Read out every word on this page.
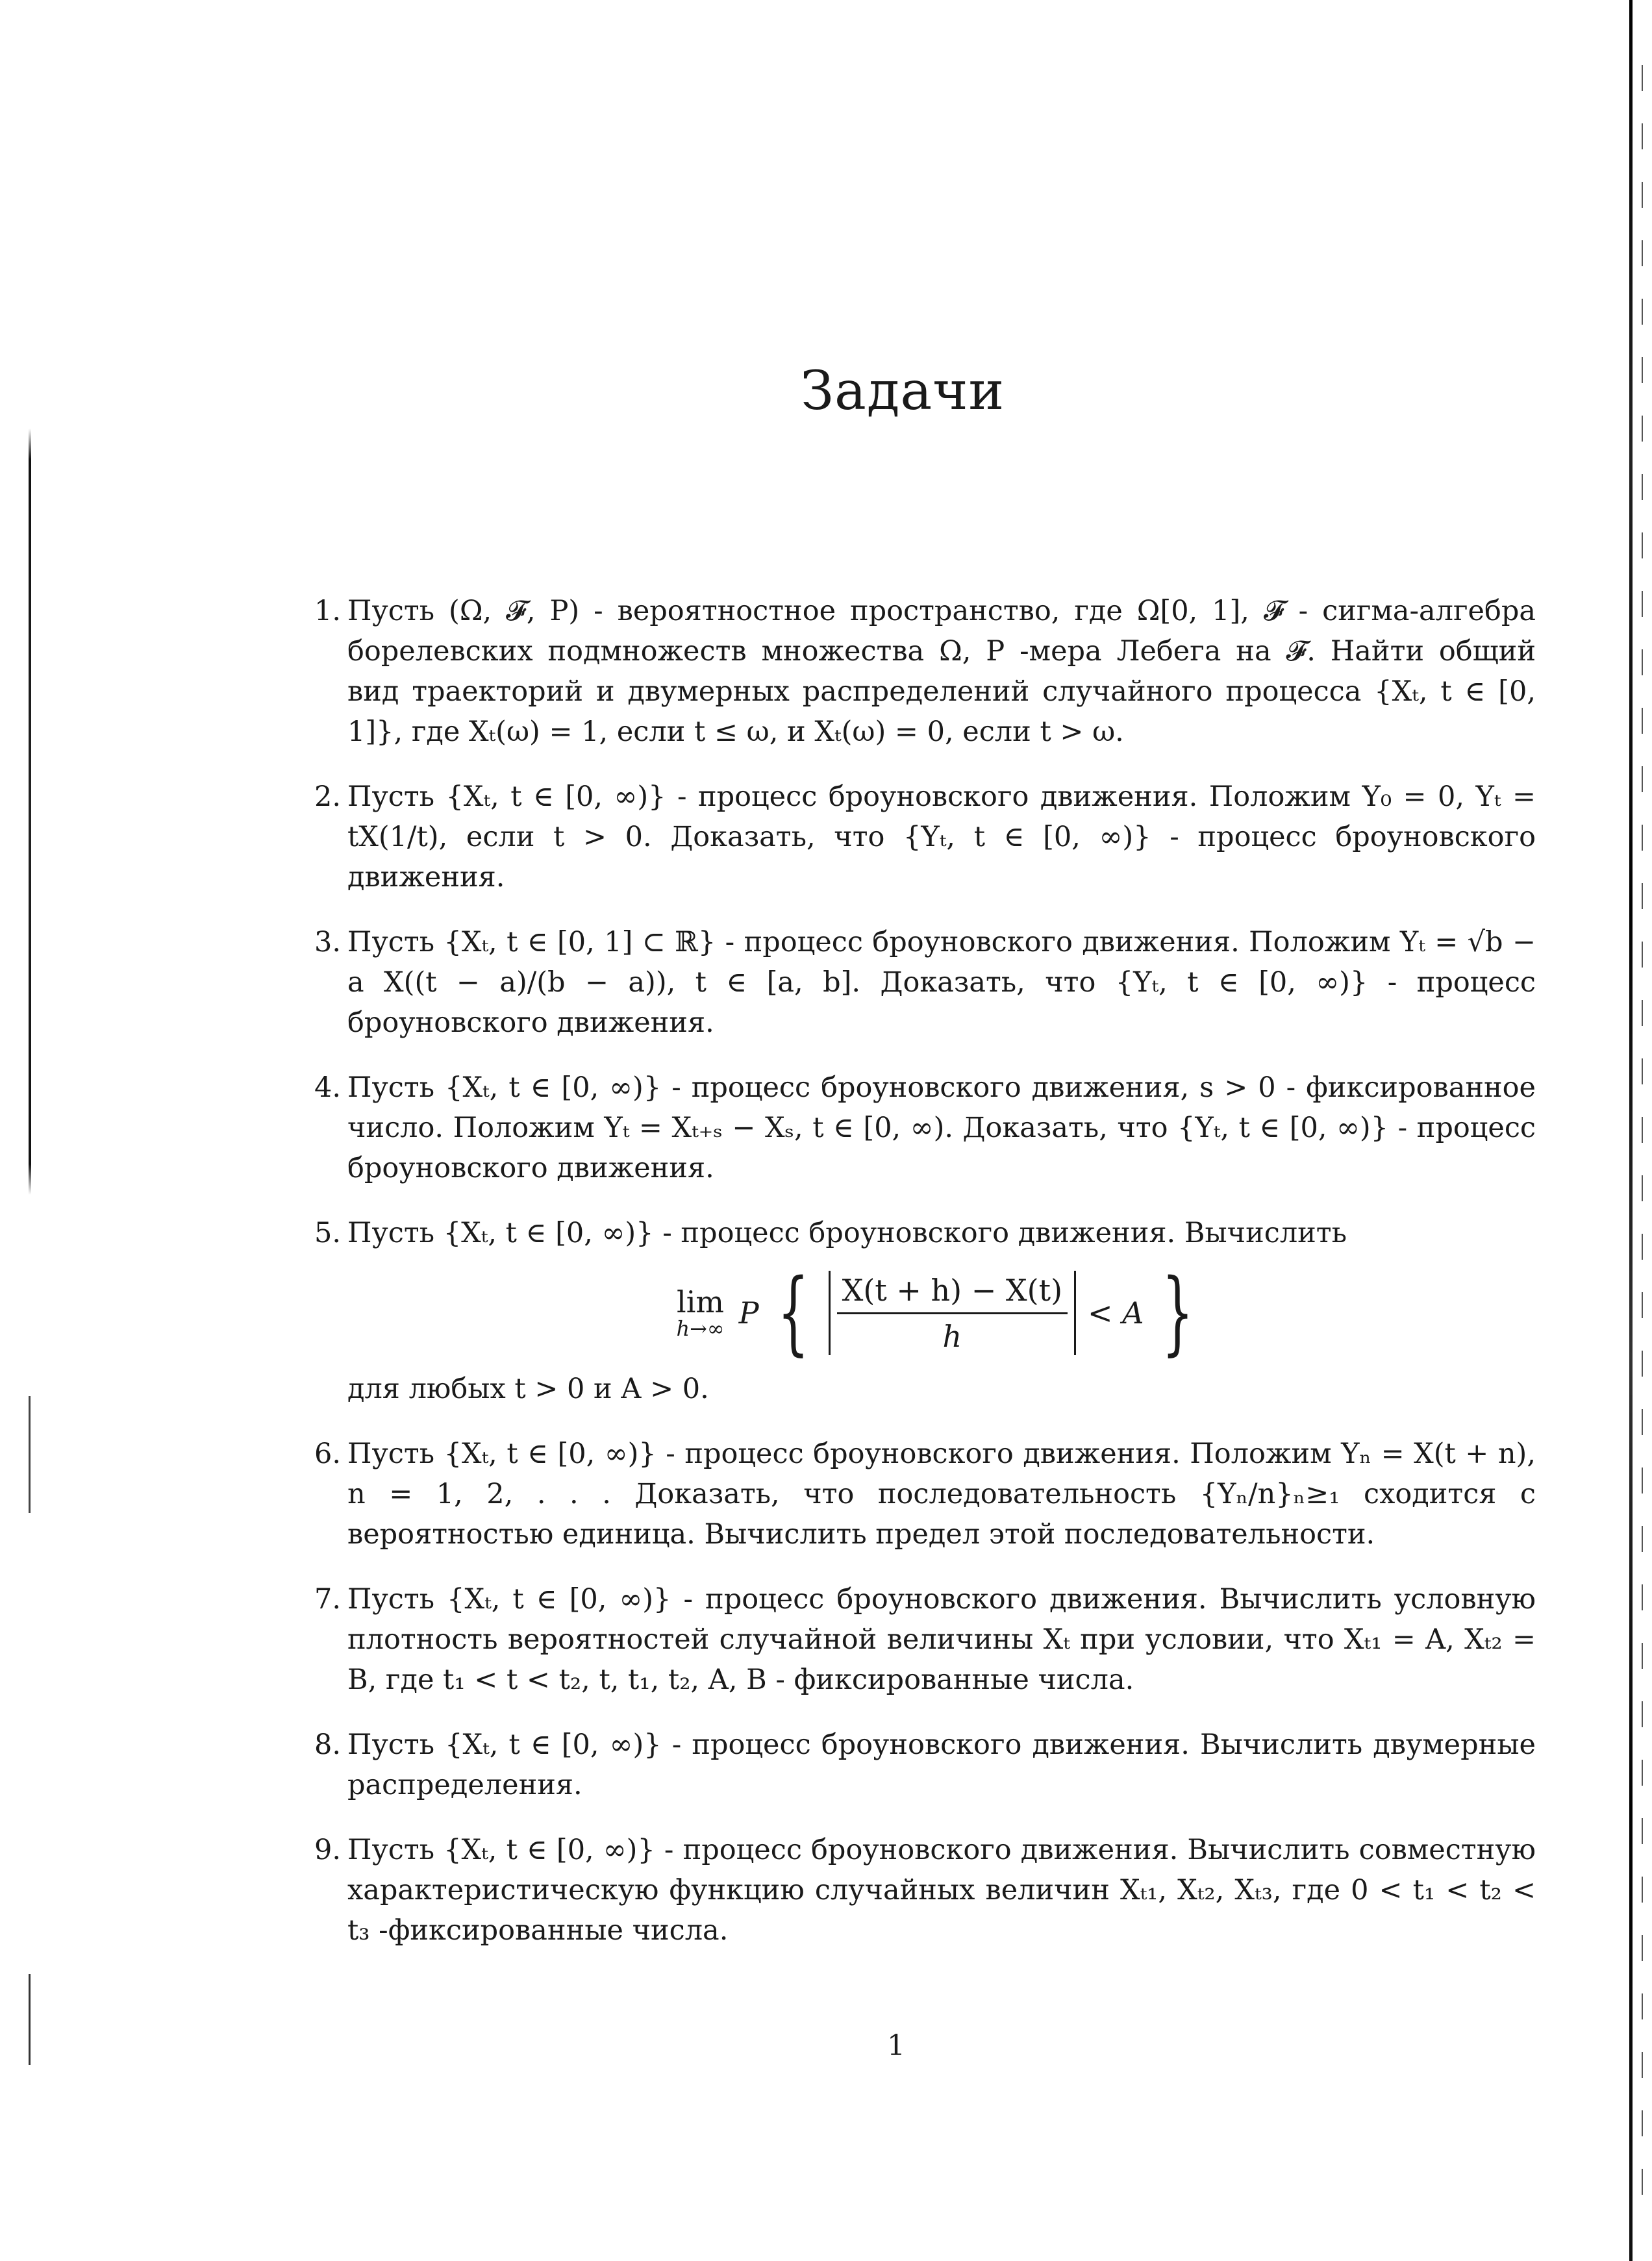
Задачи
1. Пусть (Ω, 𝓕, P) - вероятностное пространство, где Ω[0, 1], 𝓕 - сигма-алгебра борелевских подмножеств множества Ω, P -мера Лебега на 𝓕. Найти общий вид траекторий и двумерных распределений случайного процесса {Xₜ, t ∈ [0, 1]}, где Xₜ(ω) = 1, если t ≤ ω, и Xₜ(ω) = 0, если t > ω.
2. Пусть {Xₜ, t ∈ [0, ∞)} - процесс броуновского движения. Положим Y₀ = 0, Yₜ = tX(1/t), если t > 0. Доказать, что {Yₜ, t ∈ [0, ∞)} - процесс броуновского движения.
3. Пусть {Xₜ, t ∈ [0, 1] ⊂ ℝ} - процесс броуновского движения. Положим Yₜ = √b − a X((t − a)/(b − a)), t ∈ [a, b]. Доказать, что {Yₜ, t ∈ [0, ∞)} - процесс броуновского движения.
4. Пусть {Xₜ, t ∈ [0, ∞)} - процесс броуновского движения, s > 0 - фиксированное число. Положим Yₜ = Xₜ₊ₛ − Xₛ, t ∈ [0, ∞). Доказать, что {Yₜ, t ∈ [0, ∞)} - процесс броуновского движения.
5. Пусть {Xₜ, t ∈ [0, ∞)} - процесс броуновского движения. Вычислить
lim
h→∞ P { $\frac{X(t + h) - X(t)}{h} < A$ }
для любых t > 0 и A > 0.
6. Пусть {Xₜ, t ∈ [0, ∞)} - процесс броуновского движения. Положим Yₙ = X(t + n), n = 1, 2, . . . Доказать, что последовательность {Yₙ/n}ₙ≥₁ сходится с вероятностью единица. Вычислить предел этой последовательности.
7. Пусть {Xₜ, t ∈ [0, ∞)} - процесс броуновского движения. Вычислить условную плотность вероятностей случайной величины Xₜ при условии, что Xₜ₁ = A, Xₜ₂ = B, где t₁ < t < t₂, t, t₁, t₂, A, B - фиксированные числа.
8. Пусть {Xₜ, t ∈ [0, ∞)} - процесс броуновского движения. Вычислить двумерные распределения.
9. Пусть {Xₜ, t ∈ [0, ∞)} - процесс броуновского движения. Вычислить совместную характеристическую функцию случайных величин Xₜ₁, Xₜ₂, Xₜ₃, где 0 < t₁ < t₂ < t₃ -фиксированные числа.
1
